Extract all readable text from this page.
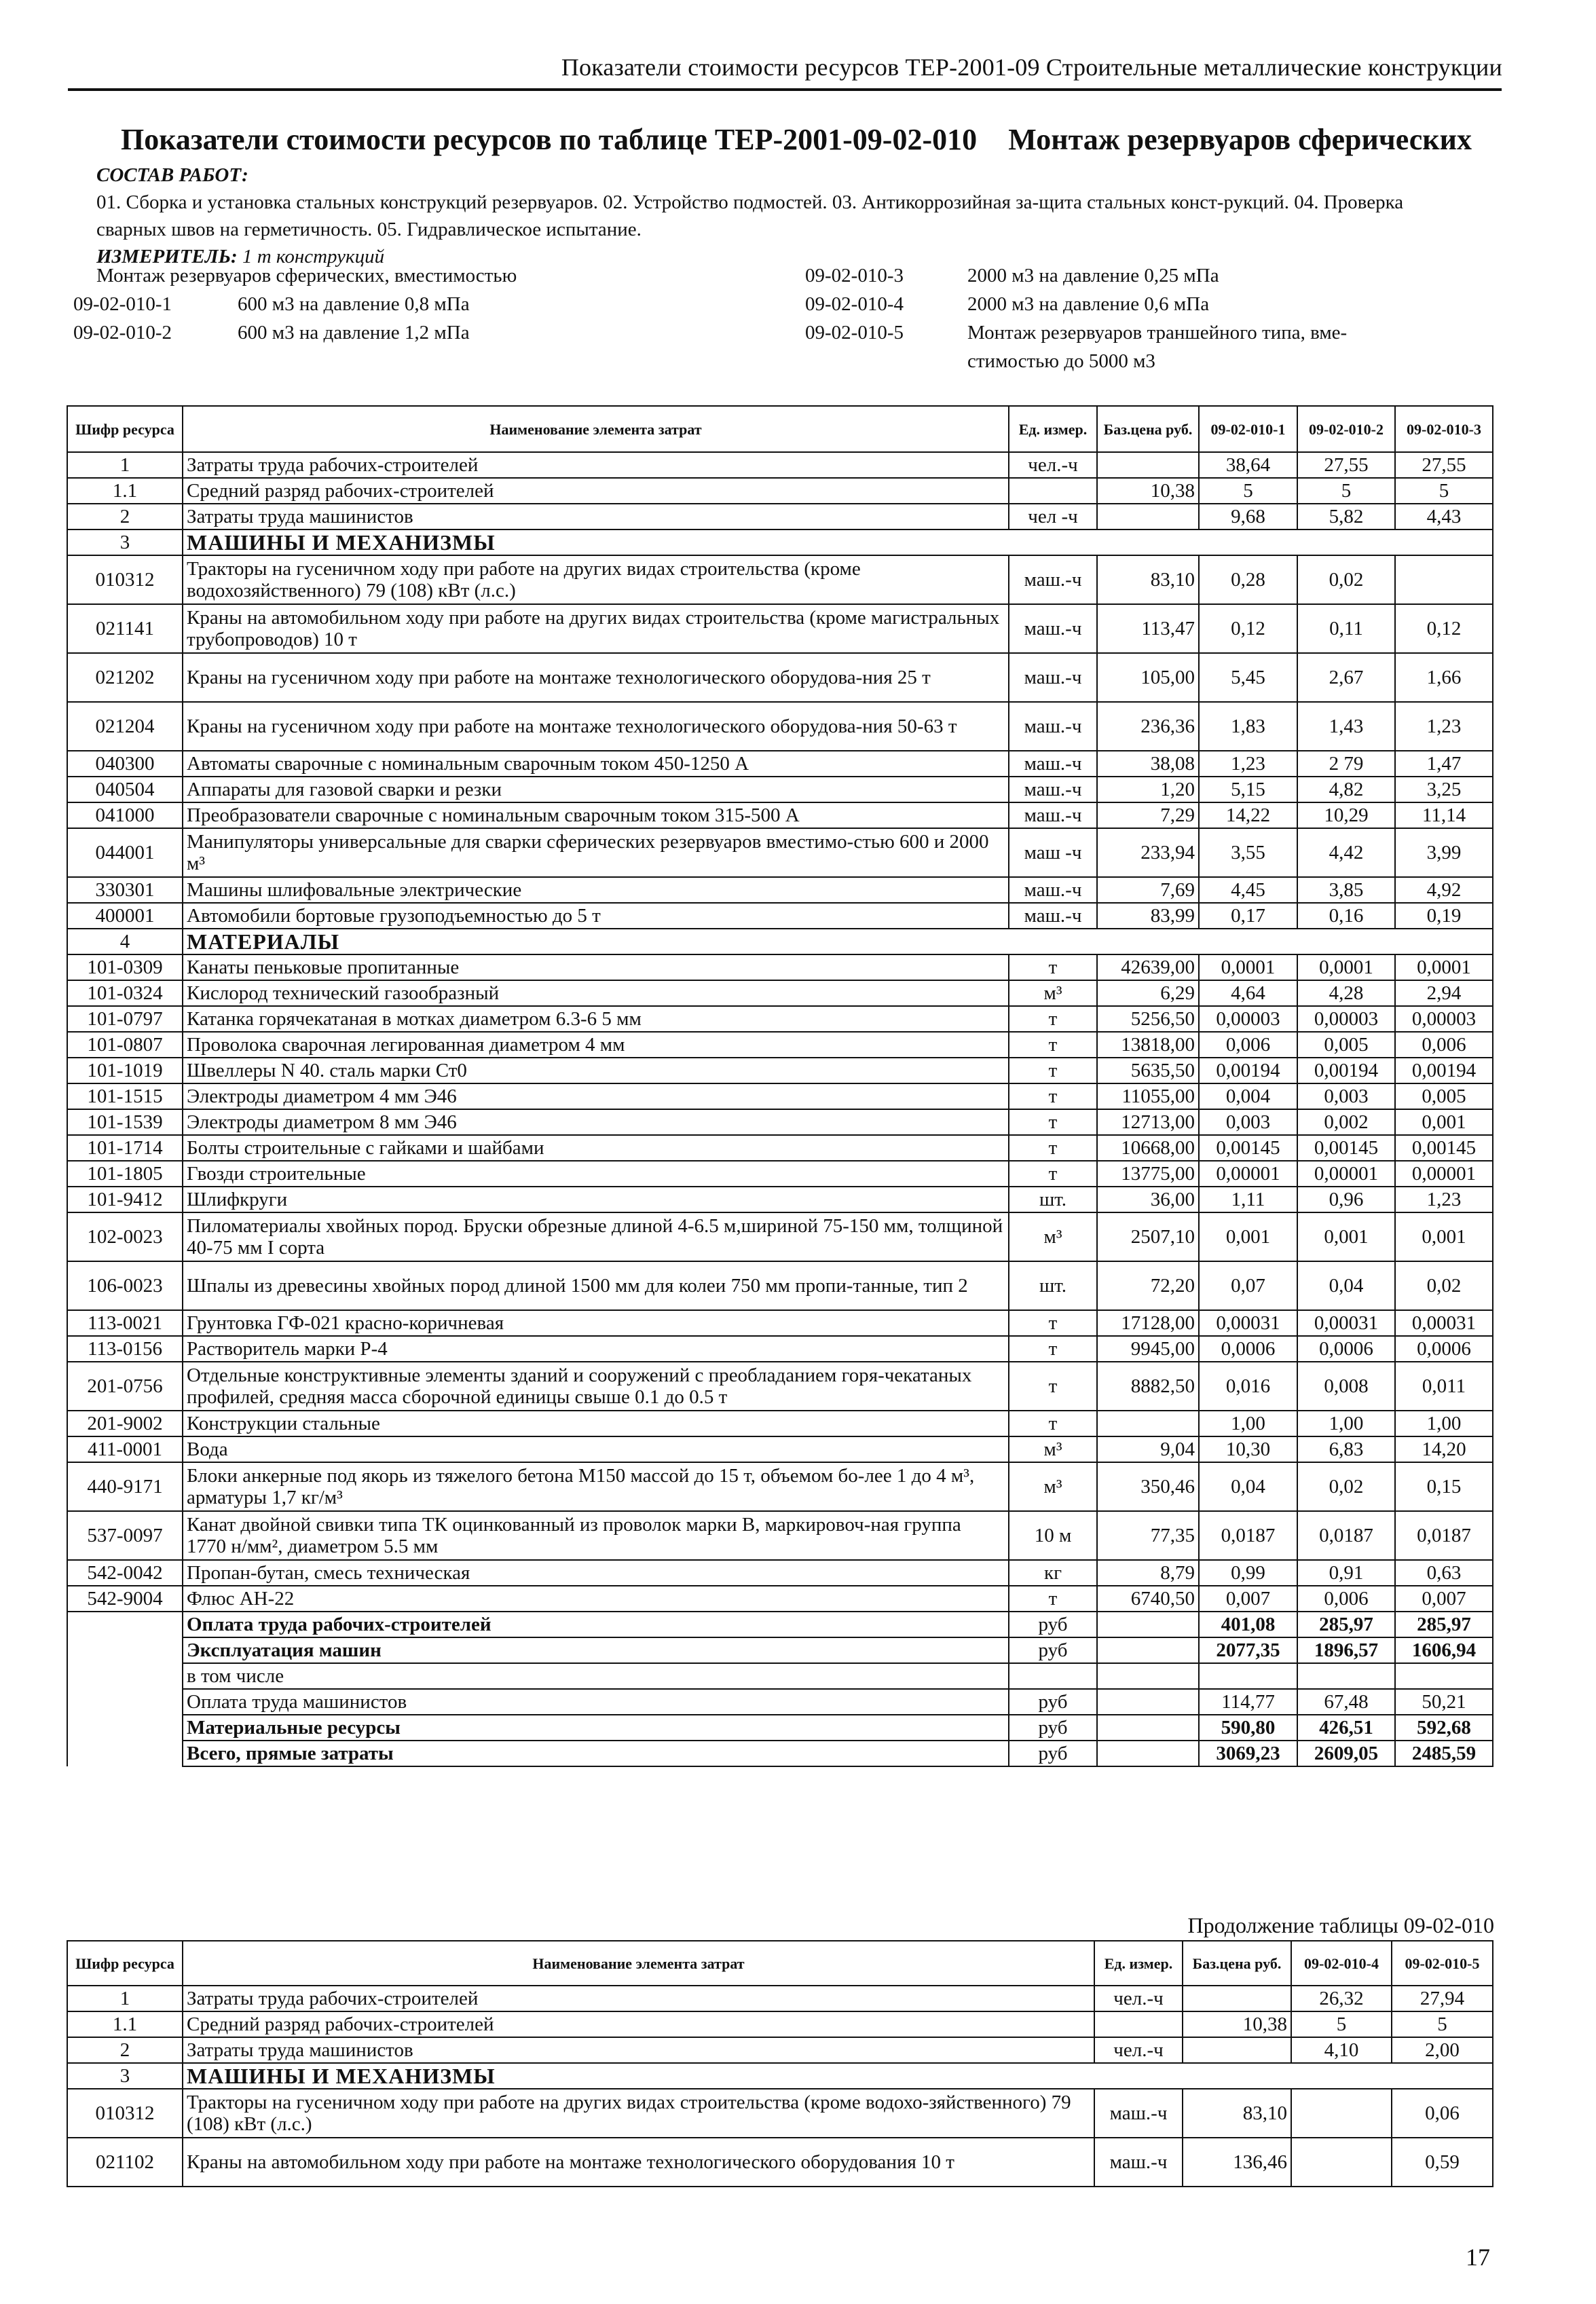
Показатели стоимости ресурсов ТЕР-2001-09 Строительные металлические конструкции
Показатели стоимости ресурсов по таблице ТЕР-2001-09-02-010 Монтаж резервуаров сферических
СОСТАВ РАБОТ:
01. Сборка и установка стальных конструкций резервуаров. 02. Устройство подмостей. 03. Антикоррозийная за-щита стальных конст-рукций. 04. Проверка сварных швов на герметичность. 05. Гидравлическое испытание.
ИЗМЕРИТЕЛЬ: 1 т конструкций
Монтаж резервуаров сферических, вместимостью
09-02-010-1	600 м3 на давление 0,8 мПа
09-02-010-2	600 м3 на давление 1,2 мПа
09-02-010-3	2000 м3 на давление 0,25 мПа
09-02-010-4	2000 м3 на давление 0,6 мПа
09-02-010-5	Монтаж резервуаров траншейного типа, вме-
стимостью до 5000 м3
Шифр ресурса	Наименование элемента затрат	Ед. измер.	Баз.цена руб.	09-02-010-1	09-02-010-2	09-02-010-3
1	Затраты труда рабочих-строителей	чел.-ч		38,64	27,55	27,55
1.1	Средний разряд рабочих-строителей		10,38	5	5	5
2	Затраты труда машинистов	чел -ч		9,68	5,82	4,43
3	МАШИНЫ И МЕХАНИЗМЫ					
010312	Тракторы на гусеничном ходу при работе на других видах строительства (кроме водохозяйственного) 79 (108) кВт (л.с.)	маш.-ч	83,10	0,28	0,02	
021141	Краны на автомобильном ходу при работе на других видах строительства (кроме магистральных трубопроводов) 10 т	маш.-ч	113,47	0,12	0,11	0,12
021202	Краны на гусеничном ходу при работе на монтаже технологического оборудова-ния 25 т	маш.-ч	105,00	5,45	2,67	1,66
021204	Краны на гусеничном ходу при работе на монтаже технологического оборудова-ния 50-63 т	маш.-ч	236,36	1,83	1,43	1,23
040300	Автоматы сварочные с номинальным сварочным током 450-1250 А	маш.-ч	38,08	1,23	2 79	1,47
040504	Аппараты для газовой сварки и резки	маш.-ч	1,20	5,15	4,82	3,25
041000	Преобразователи сварочные с номинальным сварочным током 315-500 А	маш.-ч	7,29	14,22	10,29	11,14
044001	Манипуляторы универсальные для сварки сферических резервуаров вместимо-стью 600 и 2000 м³	маш -ч	233,94	3,55	4,42	3,99
330301	Машины шлифовальные электрические	маш.-ч	7,69	4,45	3,85	4,92
400001	Автомобили бортовые грузоподъемностью до 5 т	маш.-ч	83,99	0,17	0,16	0,19
4	МАТЕРИАЛЫ					
101-0309	Канаты пеньковые пропитанные	т	42639,00	0,0001	0,0001	0,0001
101-0324	Кислород технический газообразный	м³	6,29	4,64	4,28	2,94
101-0797	Катанка горячекатаная в мотках диаметром 6.3-6 5 мм	т	5256,50	0,00003	0,00003	0,00003
101-0807	Проволока сварочная легированная диаметром 4 мм	т	13818,00	0,006	0,005	0,006
101-1019	Швеллеры N 40. сталь марки Ст0	т	5635,50	0,00194	0,00194	0,00194
101-1515	Электроды диаметром 4 мм Э46	т	11055,00	0,004	0,003	0,005
101-1539	Электроды диаметром 8 мм Э46	т	12713,00	0,003	0,002	0,001
101-1714	Болты строительные с гайками и шайбами	т	10668,00	0,00145	0,00145	0,00145
101-1805	Гвозди строительные	т	13775,00	0,00001	0,00001	0,00001
101-9412	Шлифкруги	шт.	36,00	1,11	0,96	1,23
102-0023	Пиломатериалы хвойных пород. Бруски обрезные длиной 4-6.5 м,шириной 75-150 мм, толщиной 40-75 мм I сорта	м³	2507,10	0,001	0,001	0,001
106-0023	Шпалы из древесины хвойных пород длиной 1500 мм для колеи 750 мм пропи-танные, тип 2	шт.	72,20	0,07	0,04	0,02
113-0021	Грунтовка ГФ-021 красно-коричневая	т	17128,00	0,00031	0,00031	0,00031
113-0156	Растворитель марки Р-4	т	9945,00	0,0006	0,0006	0,0006
201-0756	Отдельные конструктивные элементы зданий и сооружений с преобладанием горя-чекатаных профилей, средняя масса сборочной единицы свыше 0.1 до 0.5 т	т	8882,50	0,016	0,008	0,011
201-9002	Конструкции стальные	т		1,00	1,00	1,00
411-0001	Вода	м³	9,04	10,30	6,83	14,20
440-9171	Блоки анкерные под якорь из тяжелого бетона М150 массой до 15 т, объемом бо-лее 1 до 4 м³, арматуры 1,7 кг/м³	м³	350,46	0,04	0,02	0,15
537-0097	Канат двойной свивки типа ТК оцинкованный из проволок марки В, маркировоч-ная группа 1770 н/мм², диаметром 5.5 мм	10 м	77,35	0,0187	0,0187	0,0187
542-0042	Пропан-бутан, смесь техническая	кг	8,79	0,99	0,91	0,63
542-9004	Флюс АН-22	т	6740,50	0,007	0,006	0,007
	Оплата труда рабочих-строителей	руб		401,08	285,97	285,97
	Эксплуатация машин	руб		2077,35	1896,57	1606,94
	в том числе					
	Оплата труда машинистов	руб		114,77	67,48	50,21
	Материальные ресурсы	руб		590,80	426,51	592,68
	Всего, прямые затраты	руб		3069,23	2609,05	2485,59
Продолжение таблицы 09-02-010
Шифр ресурса	Наименование элемента затрат	Ед. измер.	Баз.цена руб.	09-02-010-4	09-02-010-5
1	Затраты труда рабочих-строителей	чел.-ч		26,32	27,94
1.1	Средний разряд рабочих-строителей		10,38	5	5
2	Затраты труда машинистов	чел.-ч		4,10	2,00
3	МАШИНЫ И МЕХАНИЗМЫ				
010312	Тракторы на гусеничном ходу при работе на других видах строительства (кроме водохо-зяйственного) 79 (108) кВт (л.с.)	маш.-ч	83,10		0,06
021102	Краны на автомобильном ходу при работе на монтаже технологического оборудования 10 т	маш.-ч	136,46		0,59
17
